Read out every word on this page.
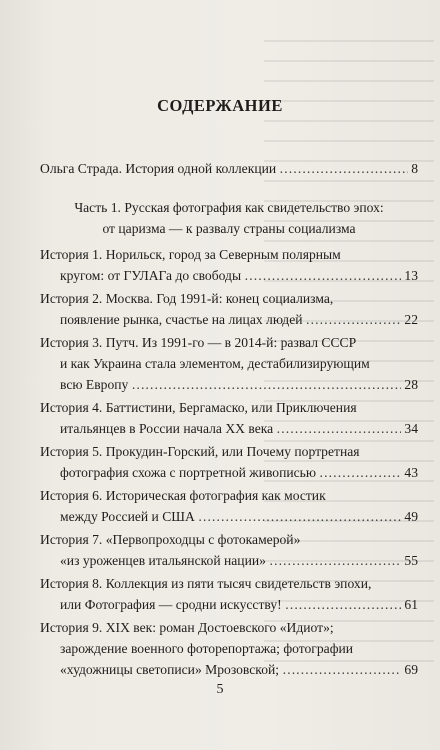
СОДЕРЖАНИЕ
Ольга Страда. История одной коллекции …………………………………………………………………………………………………………………………………………	8
Часть 1. Русская фотография как свидетельство эпох:
от царизма — к развалу страны социализма
История 1. Норильск, город за Северным полярным
кругом: от ГУЛАГа до свободы …………………………………………………………………………………………………………………………………………	13
История 2. Москва. Год 1991-й: конец социализма,
появление рынка, счастье на лицах людей …………………………………………………………………………………………………………………………………………	22
История 3. Путч. Из 1991-го — в 2014-й: развал СССР
и как Украина стала элементом, дестабилизирующим
всю Европу …………………………………………………………………………………………………………………………………………	28
История 4. Баттистини, Бергамаско, или Приключения
итальянцев в России начала XX века …………………………………………………………………………………………………………………………………………	34
История 5. Прокудин-Горский, или Почему портретная
фотография схожа с портретной живописью …………………………………………………………………………………………………………………………………………	43
История 6. Историческая фотография как мостик
между Россией и США …………………………………………………………………………………………………………………………………………	49
История 7. «Первопроходцы с фотокамерой»
«из уроженцев итальянской нации» …………………………………………………………………………………………………………………………………………	55
История 8. Коллекция из пяти тысяч свидетельств эпохи,
или Фотография — сродни искусству! …………………………………………………………………………………………………………………………………………	61
История 9. XIX век: роман Достоевского «Идиот»;
зарождение военного фоторепортажа; фотографии
«художницы светописи» Мрозовской; …………………………………………………………………………………………………………………………………………	69
5
